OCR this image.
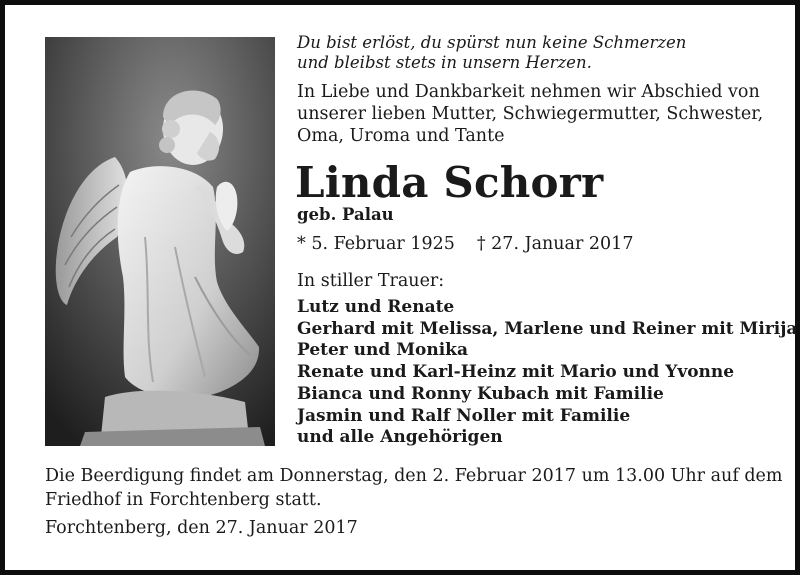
Du bist erlöst, du spürst nun keine Schmerzen
und bleibst stets in unsern Herzen.
In Liebe und Dankbarkeit nehmen wir Abschied von
unserer lieben Mutter, Schwiegermutter, Schwester,
Oma, Uroma und Tante
Linda Schorr
geb. Palau
* 5. Februar 1925 † 27. Januar 2017
In stiller Trauer:
Lutz und Renate
Gerhard mit Melissa, Marlene und Reiner mit Mirija
Peter und Monika
Renate und Karl-Heinz mit Mario und Yvonne
Bianca und Ronny Kubach mit Familie
Jasmin und Ralf Noller mit Familie
und alle Angehörigen
Die Beerdigung findet am Donnerstag, den 2. Februar 2017 um 13.00 Uhr auf dem
Friedhof in Forchtenberg statt.
Forchtenberg, den 27. Januar 2017
